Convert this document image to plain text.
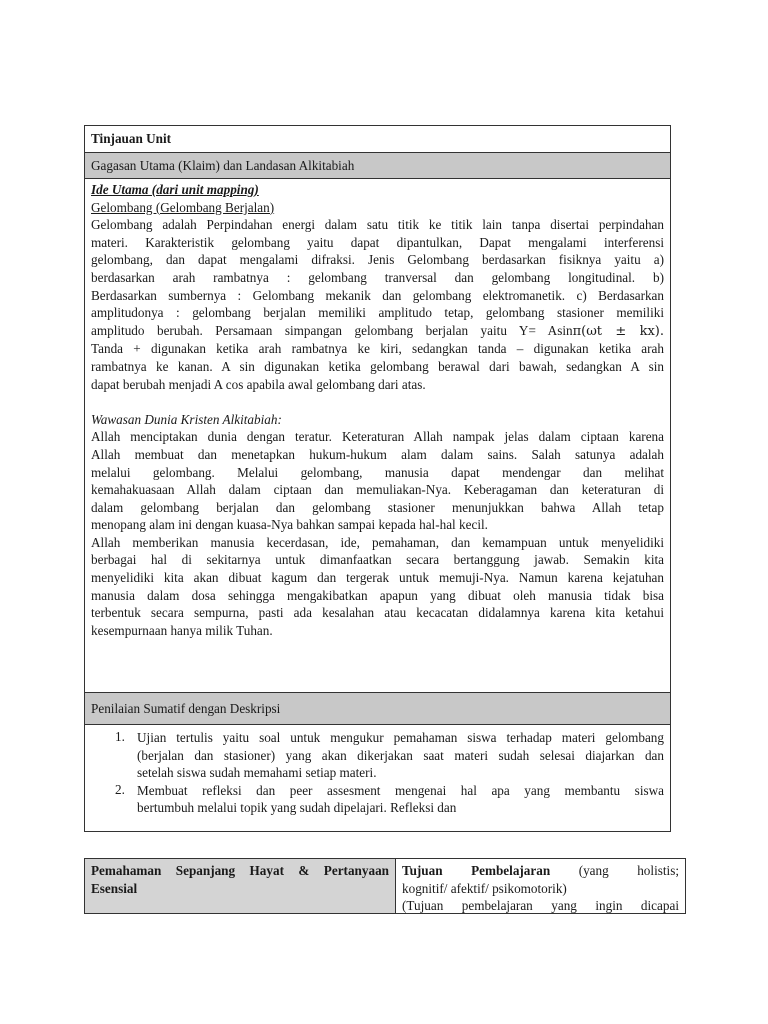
Tinjauan Unit
Gagasan Utama (Klaim) dan Landasan Alkitabiah
Ide Utama (dari unit mapping)
Gelombang (Gelombang Berjalan)
Gelombang adalah Perpindahan energi dalam satu titik ke titik lain tanpa disertai perpindahan
materi. Karakteristik gelombang yaitu dapat dipantulkan, Dapat mengalami interferensi
gelombang, dan dapat mengalami difraksi. Jenis Gelombang berdasarkan fisiknya yaitu a)
berdasarkan arah rambatnya : gelombang tranversal dan gelombang longitudinal. b)
Berdasarkan sumbernya : Gelombang mekanik dan gelombang elektromanetik. c) Berdasarkan
amplitudonya : gelombang berjalan memiliki amplitudo tetap, gelombang stasioner memiliki
amplitudo berubah. Persamaan simpangan gelombang berjalan yaitu Y= Asinπ(ωt ± kx).
Tanda + digunakan ketika arah rambatnya ke kiri, sedangkan tanda – digunakan ketika arah
rambatnya ke kanan. A sin digunakan ketika gelombang berawal dari bawah, sedangkan A sin
dapat berubah menjadi A cos apabila awal gelombang dari atas.
Wawasan Dunia Kristen Alkitabiah:
Allah menciptakan dunia dengan teratur. Keteraturan Allah nampak jelas dalam ciptaan karena
Allah membuat dan menetapkan hukum-hukum alam dalam sains. Salah satunya adalah
melalui gelombang. Melalui gelombang, manusia dapat mendengar dan melihat
kemahakuasaan Allah dalam ciptaan dan memuliakan-Nya. Keberagaman dan keteraturan di
dalam gelombang berjalan dan gelombang stasioner menunjukkan bahwa Allah tetap
menopang alam ini dengan kuasa-Nya bahkan sampai kepada hal-hal kecil.
Allah memberikan manusia kecerdasan, ide, pemahaman, dan kemampuan untuk menyelidiki
berbagai hal di sekitarnya untuk dimanfaatkan secara bertanggung jawab. Semakin kita
menyelidiki kita akan dibuat kagum dan tergerak untuk memuji-Nya. Namun karena kejatuhan
manusia dalam dosa sehingga mengakibatkan apapun yang dibuat oleh manusia tidak bisa
terbentuk secara sempurna, pasti ada kesalahan atau kecacatan didalamnya karena kita ketahui
kesempurnaan hanya milik Tuhan.
Penilaian Sumatif dengan Deskripsi
1. Ujian tertulis yaitu soal untuk mengukur pemahaman siswa terhadap materi gelombang
(berjalan dan stasioner) yang akan dikerjakan saat materi sudah selesai diajarkan dan
setelah siswa sudah memahami setiap materi.
2. Membuat refleksi dan peer assesment mengenai hal apa yang membantu siswa
bertumbuh melalui topik yang sudah dipelajari. Refleksi dan
Pemahaman Sepanjang Hayat & Pertanyaan
Esensial
Tujuan Pembelajaran (yang holistis;
kognitif/ afektif/ psikomotorik)
(Tujuan pembelajaran yang ingin dicapai
